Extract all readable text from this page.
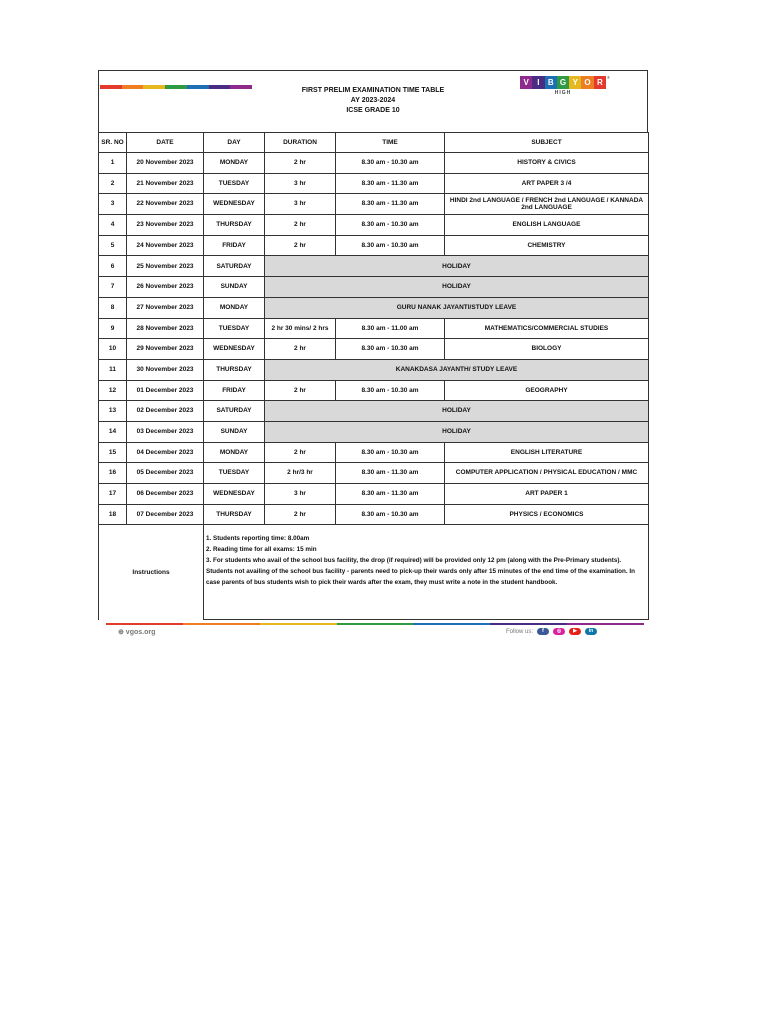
FIRST PRELIM EXAMINATION TIME TABLE
AY 2023-2024
ICSE GRADE 10
V	I	B G Y O R
HIGH
®
SR. NO	DATE	DAY	DURATION	TIME	SUBJECT
1	20 November 2023	MONDAY	2 hr	8.30 am - 10.30 am	HISTORY & CIVICS
2	21 November 2023	TUESDAY	3 hr	8.30 am - 11.30 am	ART PAPER 3 /4
3	22 November 2023	WEDNESDAY	3 hr	8.30 am - 11.30 am	HINDI 2nd LANGUAGE / FRENCH 2nd LANGUAGE / KANNADA 2nd LANGUAGE
4	23 November 2023	THURSDAY	2 hr	8.30 am - 10.30 am	ENGLISH LANGUAGE
5	24 November 2023	FRIDAY	2 hr	8.30 am - 10.30 am	CHEMISTRY
6	25 November 2023	SATURDAY	HOLIDAY		
7	26 November 2023	SUNDAY	HOLIDAY		
8	27 November 2023	MONDAY	GURU NANAK JAYANTI/STUDY LEAVE		
9	28 November 2023	TUESDAY	2 hr 30 mins/ 2 hrs	8.30 am - 11.00 am	MATHEMATICS/COMMERCIAL STUDIES
10	29 November 2023	WEDNESDAY	2 hr	8.30 am - 10.30 am	BIOLOGY
11	30 November 2023	THURSDAY	KANAKDASA JAYANTH/ STUDY LEAVE		
12	01 December 2023	FRIDAY	2 hr	8.30 am - 10.30 am	GEOGRAPHY
13	02 December 2023	SATURDAY	HOLIDAY		
14	03 December 2023	SUNDAY	HOLIDAY		
15	04 December 2023	MONDAY	2 hr	8.30 am - 10.30 am	ENGLISH LITERATURE
16	05 December 2023	TUESDAY	2 hr/3 hr	8.30 am - 11.30 am	COMPUTER APPLICATION / PHYSICAL EDUCATION / MMC
17	06 December 2023	WEDNESDAY	3 hr	8.30 am - 11.30 am	ART PAPER 1
18	07 December 2023	THURSDAY	2 hr	8.30 am - 10.30 am	PHYSICS / ECONOMICS
Instructions		1. Students reporting time: 8.00am
2. Reading time for all exams: 15 min
3. For students who avail of the school bus facility, the drop (if required) will be provided only 12 pm (along with the Pre-Primary students). Students not availing of the school bus facility - parents need to pick-up their wards only after 15 minutes of the end time of the examination. In case parents of bus students wish to pick their wards after the exam, they must write a note in the student handbook.			
⊕ vgos.org	Follow us:	f	◎	▶	in
